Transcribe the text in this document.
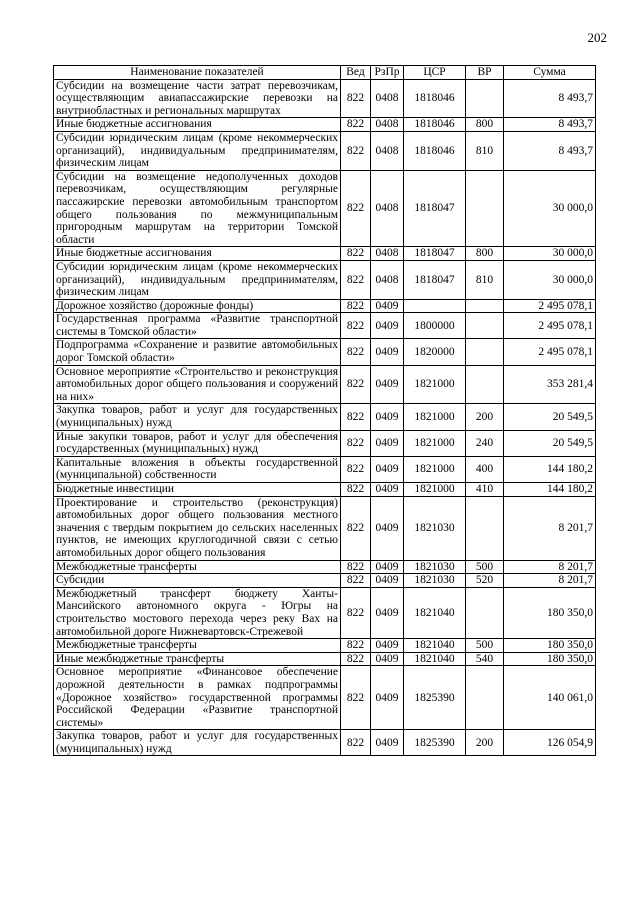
202
Наименование показателей	Вед	РзПр	ЦСР	ВР	Сумма
Субсидии на возмещение части затрат перевозчикам, осуществляющим авиапассажирские перевозки на внутриобластных и региональных маршрутах	822	0408	1818046		8 493,7
Иные бюджетные ассигнования	822	0408	1818046	800	8 493,7
Субсидии юридическим лицам (кроме некоммерческих организаций), индивидуальным предпринимателям, физическим лицам	822	0408	1818046	810	8 493,7
Субсидии на возмещение недополученных доходов перевозчикам, осуществляющим регулярные пассажирские перевозки автомобильным транспортом общего пользования по межмуниципальным пригородным маршрутам на территории Томской области	822	0408	1818047		30 000,0
Иные бюджетные ассигнования	822	0408	1818047	800	30 000,0
Субсидии юридическим лицам (кроме некоммерческих организаций), индивидуальным предпринимателям, физическим лицам	822	0408	1818047	810	30 000,0
Дорожное хозяйство (дорожные фонды)	822	0409			2 495 078,1
Государственная программа «Развитие транспортной системы в Томской области»	822	0409	1800000		2 495 078,1
Подпрограмма «Сохранение и развитие автомобильных дорог Томской области»	822	0409	1820000		2 495 078,1
Основное мероприятие «Строительство и реконструкция автомобильных дорог общего пользования и сооружений на них»	822	0409	1821000		353 281,4
Закупка товаров, работ и услуг для государственных (муниципальных) нужд	822	0409	1821000	200	20 549,5
Иные закупки товаров, работ и услуг для обеспечения государственных (муниципальных) нужд	822	0409	1821000	240	20 549,5
Капитальные вложения в объекты государственной (муниципальной) собственности	822	0409	1821000	400	144 180,2
Бюджетные инвестиции	822	0409	1821000	410	144 180,2
Проектирование и строительство (реконструкция) автомобильных дорог общего пользования местного значения с твердым покрытием до сельских населенных пунктов, не имеющих круглогодичной связи с сетью автомобильных дорог общего пользования	822	0409	1821030		8 201,7
Межбюджетные трансферты	822	0409	1821030	500	8 201,7
Субсидии	822	0409	1821030	520	8 201,7
Межбюджетный трансферт бюджету Ханты-Мансийского автономного округа - Югры на строительство мостового перехода через реку Вах на автомобильной дороге Нижневартовск-Стрежевой	822	0409	1821040		180 350,0
Межбюджетные трансферты	822	0409	1821040	500	180 350,0
Иные межбюджетные трансферты	822	0409	1821040	540	180 350,0
Основное мероприятие «Финансовое обеспечение дорожной деятельности в рамках подпрограммы «Дорожное хозяйство» государственной программы Российской Федерации «Развитие транспортной системы»	822	0409	1825390		140 061,0
Закупка товаров, работ и услуг для государственных (муниципальных) нужд	822	0409	1825390	200	126 054,9
